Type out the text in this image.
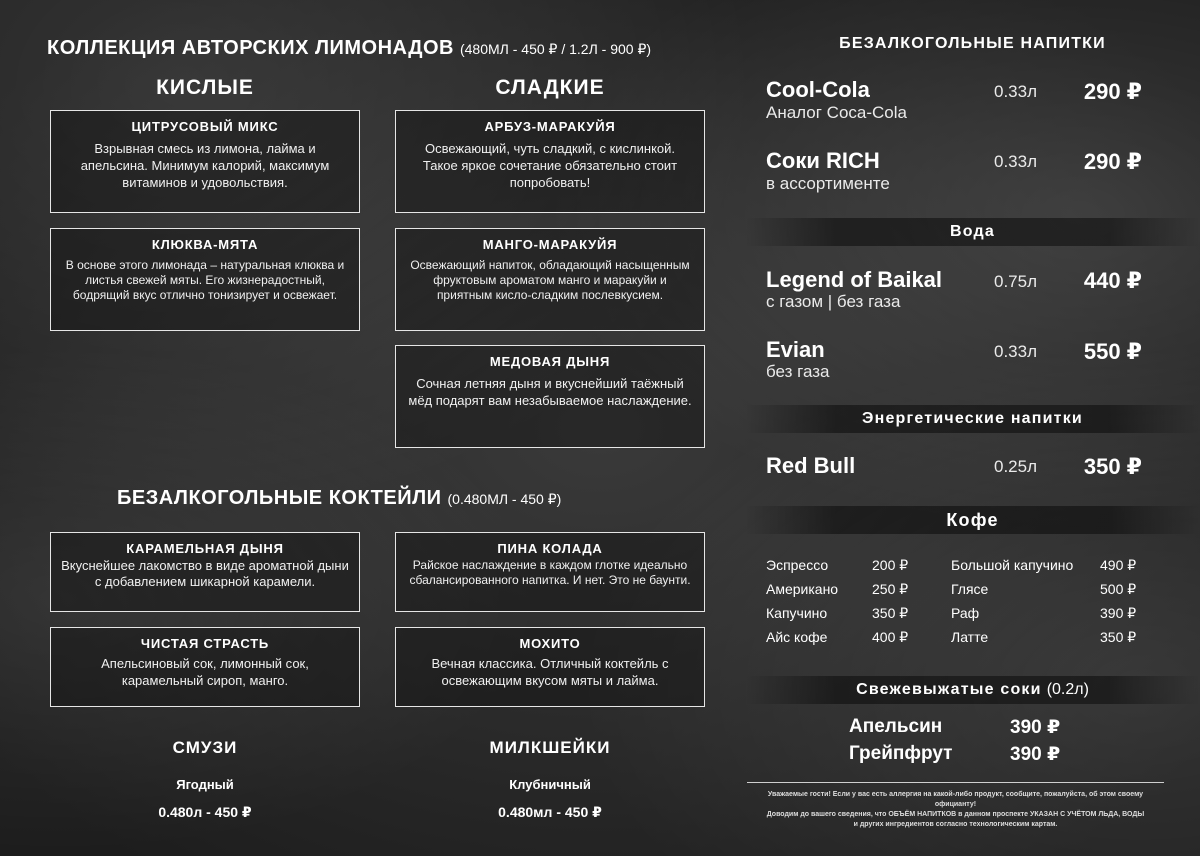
КОЛЛЕКЦИЯ АВТОРСКИХ ЛИМОНАДОВ (480МЛ - 450 ₽ / 1.2Л - 900 ₽)
КИСЛЫЕ	СЛАДКИЕ
ЦИТРУСОВЫЙ МИКС
Взрывная смесь из лимона, лайма и апельсина. Минимум калорий, максимум витаминов и удовольствия.
КЛЮКВА-МЯТА
В основе этого лимонада – натуральная клюква и листья свежей мяты. Его жизнерадостный, бодрящий вкус отлично тонизирует и освежает.
АРБУЗ-МАРАКУЙЯ
Освежающий, чуть сладкий, с кислинкой. Такое яркое сочетание обязательно стоит попробовать!
МАНГО-МАРАКУЙЯ
Освежающий напиток, обладающий насыщенным фруктовым ароматом манго и маракуйи и приятным кисло-сладким послевкусием.
МЕДОВАЯ ДЫНЯ
Сочная летняя дыня и вкуснейший таёжный мёд подарят вам незабываемое наслаждение.
БЕЗАЛКОГОЛЬНЫЕ КОКТЕЙЛИ (0.480МЛ - 450 ₽)
КАРАМЕЛЬНАЯ ДЫНЯ
Вкуснейшее лакомство в виде ароматной дыни с добавлением шикарной карамели.
ПИНА КОЛАДА
Райское наслаждение в каждом глотке идеально сбалансированного напитка. И нет. Это не баунти.
ЧИСТАЯ СТРАСТЬ
Апельсиновый сок, лимонный сок, карамельный сироп, манго.
МОХИТО
Вечная классика. Отличный коктейль с освежающим вкусом мяты и лайма.
СМУЗИ
Ягодный
0.480л - 450 ₽
МИЛКШЕЙКИ
Клубничный
0.480мл - 450 ₽
БЕЗАЛКОГОЛЬНЫЕ НАПИТКИ
Cool-Cola
Аналог Coca-Cola
0.33л	290 ₽
Соки RICH
в ассортименте
0.33л	290 ₽
Вода
Legend of Baikal
с газом | без газа
0.75л	440 ₽
Evian
без газа
0.33л	550 ₽
Энергетические напитки
Red Bull	0.25л	350 ₽
Кофе
Эспрессо	200 ₽
Американо 250 ₽
Капучино	350 ₽
Айс кофе	400 ₽
Большой капучино 490 ₽
Глясе	500 ₽
Раф	390 ₽
Латте	350 ₽
Свежевыжатые соки (0.2л)
Апельсин	390 ₽
Грейпфрут	390 ₽
Уважаемые гости! Если у вас есть аллергия на какой-либо продукт, сообщите, пожалуйста, об этом своему официанту!
Доводим до вашего сведения, что ОБЪЁМ НАПИТКОВ в данном проспекте УКАЗАН С УЧЁТОМ ЛЬДА, ВОДЫ
и других ингредиентов согласно технологическим картам.
